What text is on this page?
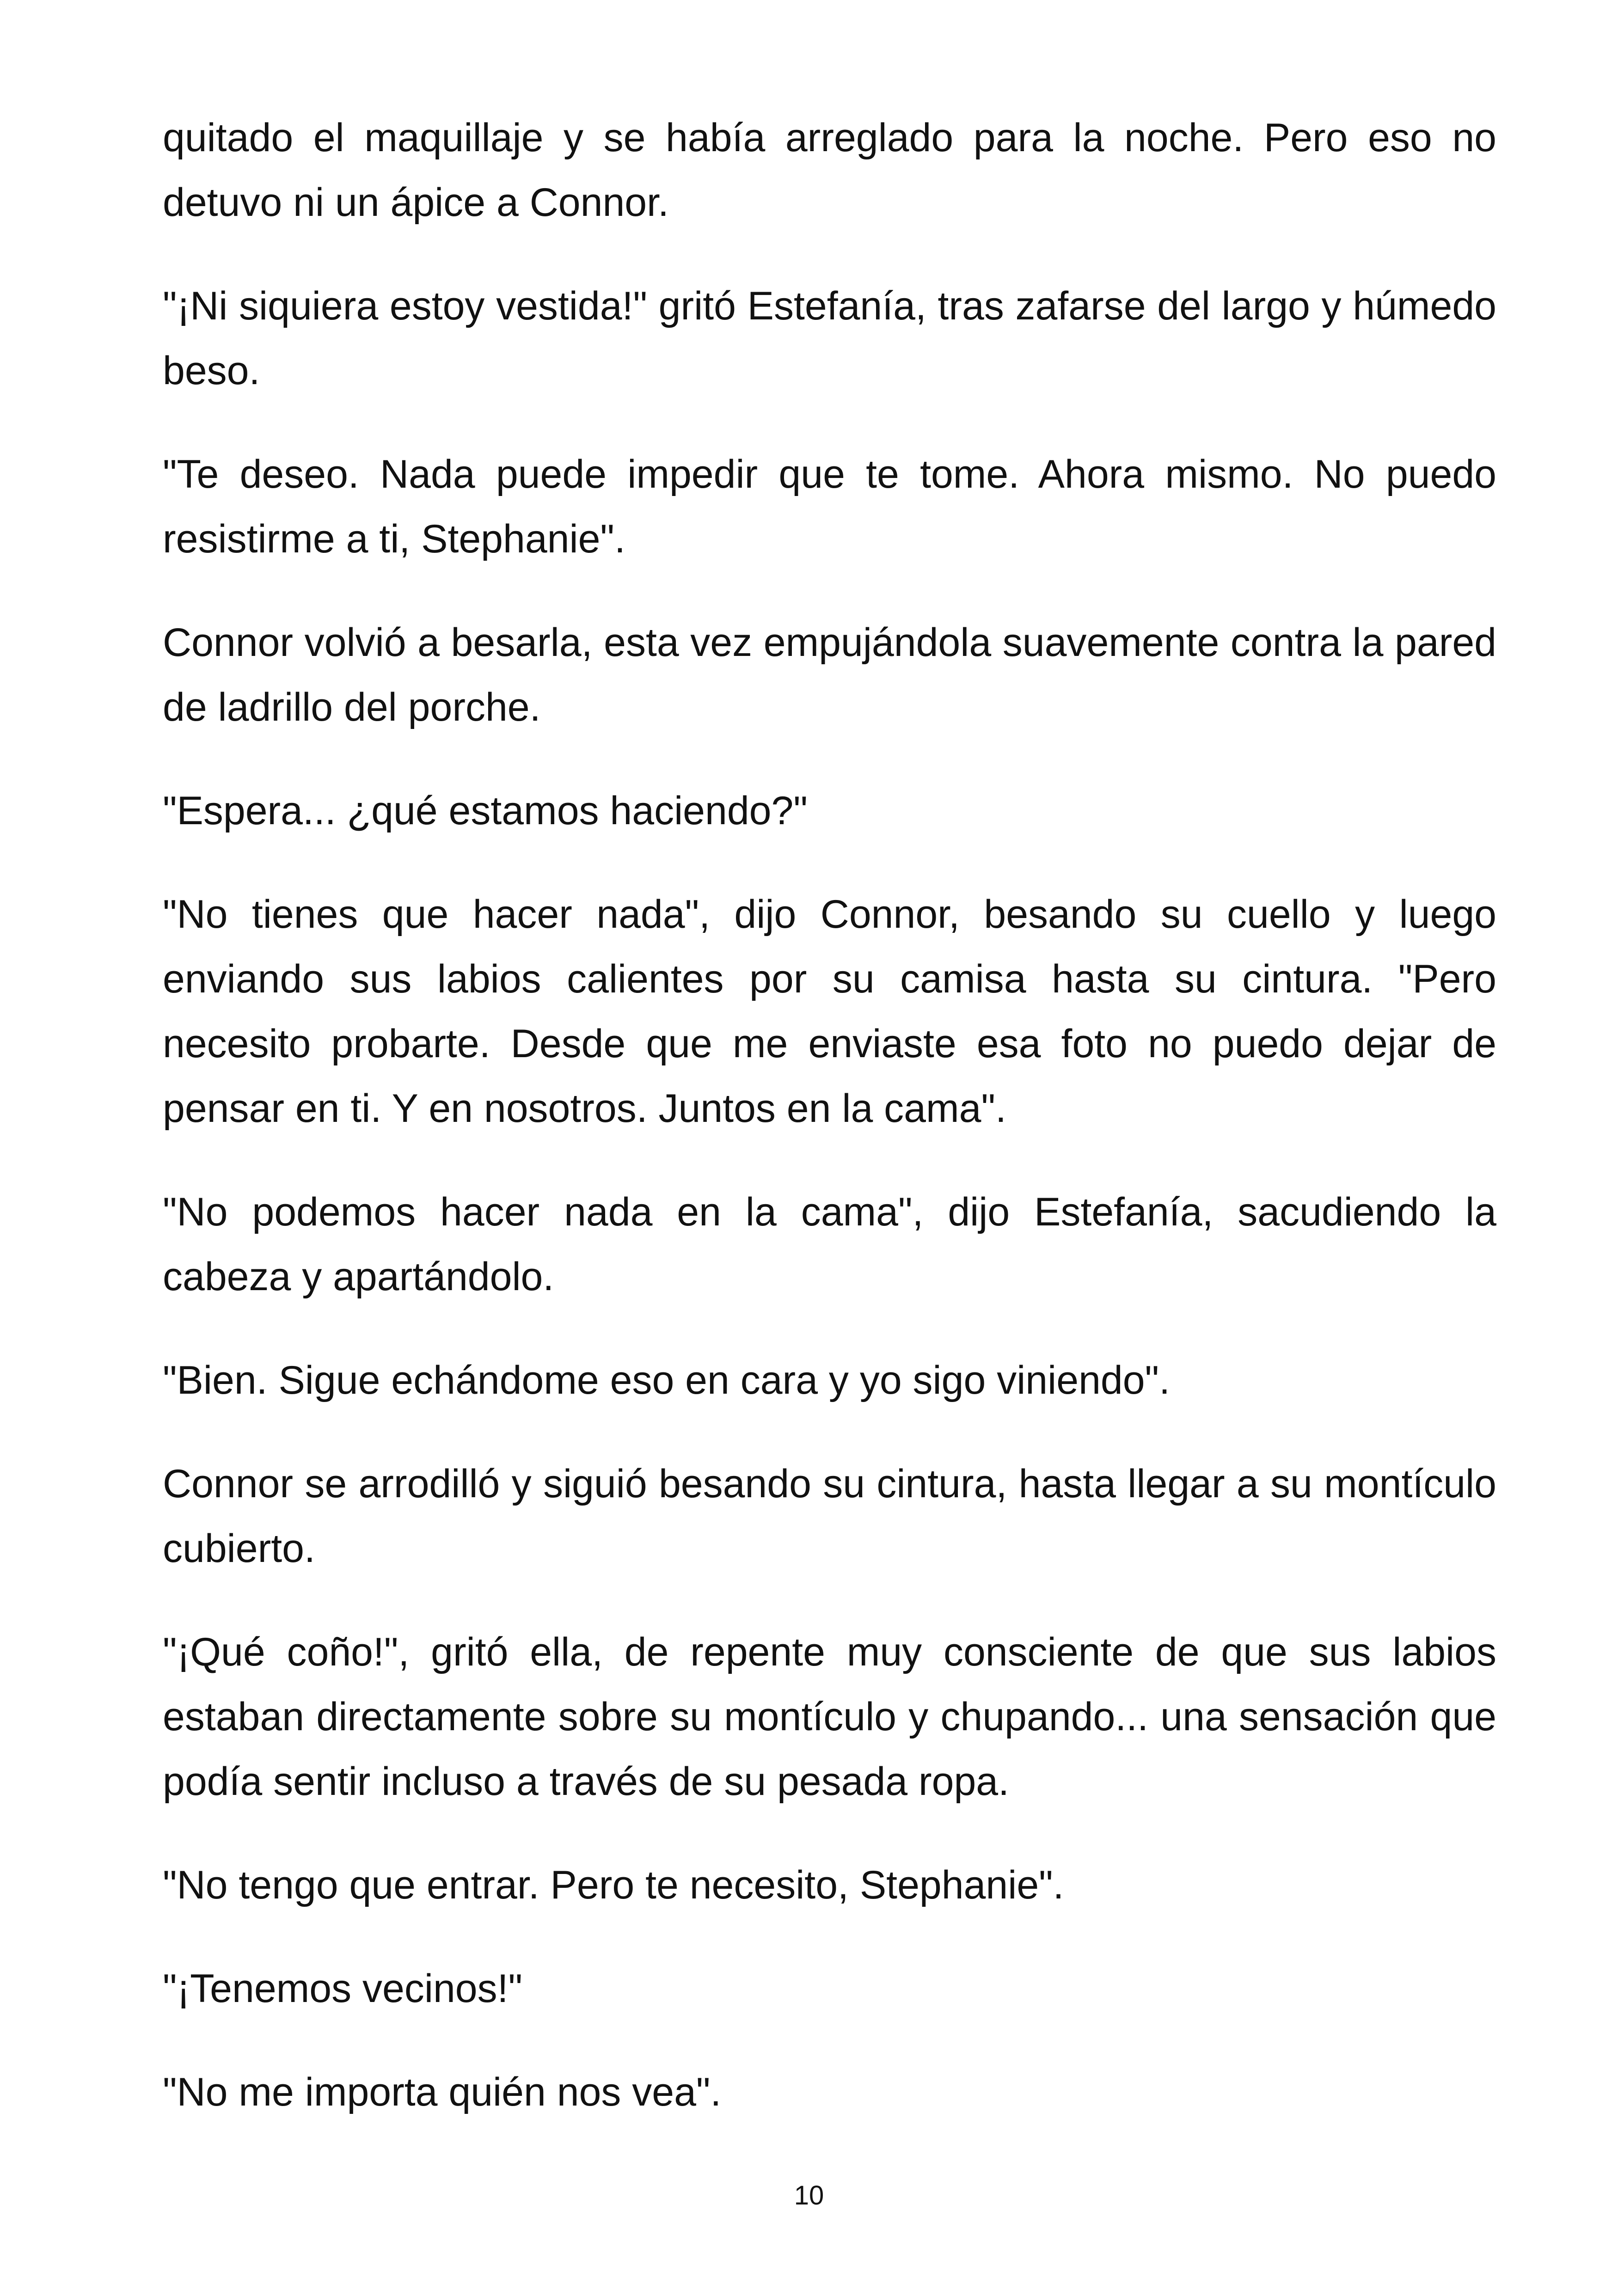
quitado el maquillaje y se había arreglado para la noche. Pero eso no detuvo ni un ápice a Connor.

"¡Ni siquiera estoy vestida!" gritó Estefanía, tras zafarse del largo y húmedo beso.

"Te deseo. Nada puede impedir que te tome. Ahora mismo. No puedo resistirme a ti, Stephanie".

Connor volvió a besarla, esta vez empujándola suavemente contra la pared de ladrillo del porche.

"Espera... ¿qué estamos haciendo?"

"No tienes que hacer nada", dijo Connor, besando su cuello y luego enviando sus labios calientes por su camisa hasta su cintura. "Pero necesito probarte. Desde que me enviaste esa foto no puedo dejar de pensar en ti. Y en nosotros. Juntos en la cama".

"No podemos hacer nada en la cama", dijo Estefanía, sacudiendo la cabeza y apartándolo.

"Bien. Sigue echándome eso en cara y yo sigo viniendo".

Connor se arrodilló y siguió besando su cintura, hasta llegar a su montículo cubierto.

"¡Qué coño!", gritó ella, de repente muy consciente de que sus labios estaban directamente sobre su montículo y chupando... una sensación que podía sentir incluso a través de su pesada ropa.

"No tengo que entrar. Pero te necesito, Stephanie".

"¡Tenemos vecinos!"

"No me importa quién nos vea".

10
